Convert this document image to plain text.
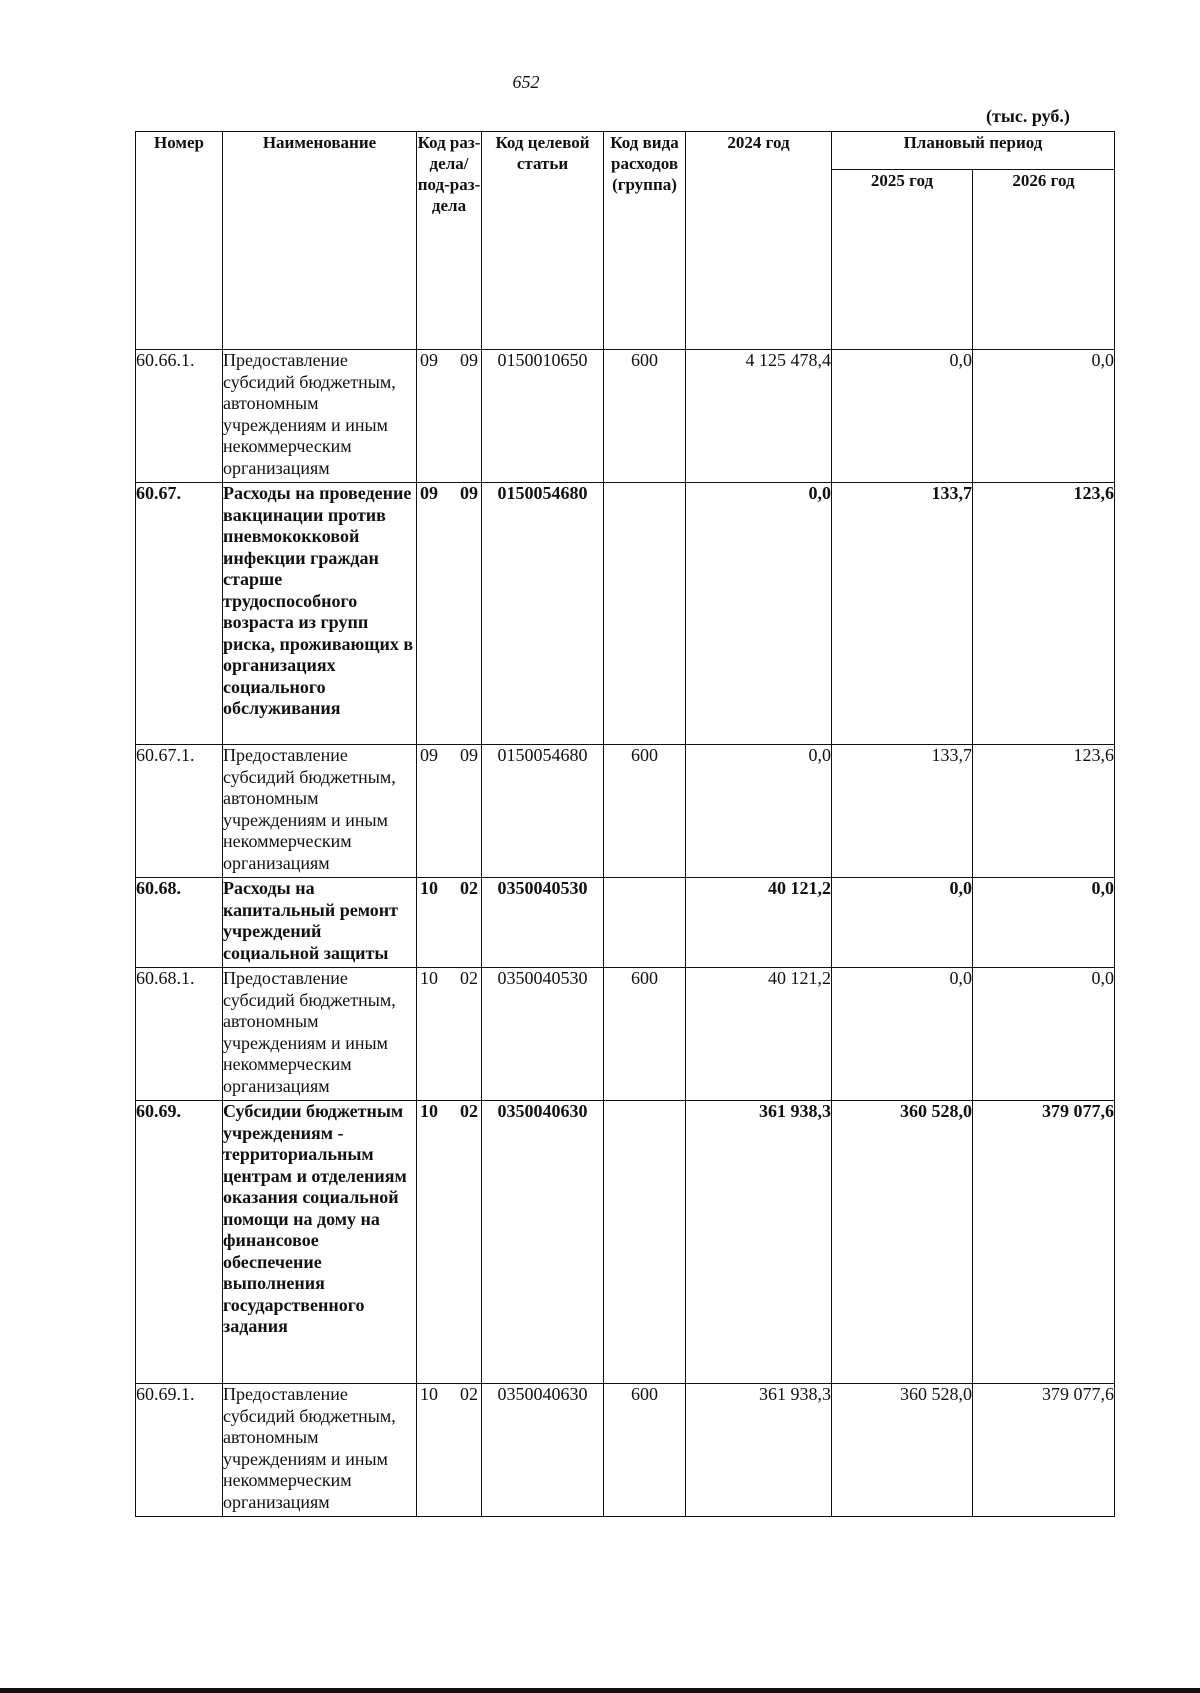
652
(тыс. руб.)
Номер	Наименование	Код раз-дела/ под-раз-дела	Код целевой статьи	Код вида расходов (группа)	2024 год	Плановый период	
						2025 год	2026 год
60.66.1.	Предоставление субсидий бюджетным, автономным учреждениям и иным некоммерческим организациям	09 09	0150010650	600	4 125 478,4	0,0	0,0
60.67.	Расходы на проведение вакцинации против пневмококковой инфекции граждан старше трудоспособного возраста из групп риска, проживающих в организациях социального обслуживания	09 09	0150054680		0,0	133,7	123,6
60.67.1.	Предоставление субсидий бюджетным, автономным учреждениям и иным некоммерческим организациям	09 09	0150054680	600	0,0	133,7	123,6
60.68.	Расходы на капитальный ремонт учреждений социальной защиты	10 02	0350040530		40 121,2	0,0	0,0
60.68.1.	Предоставление субсидий бюджетным, автономным учреждениям и иным некоммерческим организациям	10 02	0350040530	600	40 121,2	0,0	0,0
60.69.	Субсидии бюджетным учреждениям - территориальным центрам и отделениям оказания социальной помощи на дому на финансовое обеспечение выполнения государственного задания	10 02	0350040630		361 938,3	360 528,0	379 077,6
60.69.1.	Предоставление субсидий бюджетным, автономным учреждениям и иным некоммерческим организациям	10 02	0350040630	600	361 938,3	360 528,0	379 077,6
